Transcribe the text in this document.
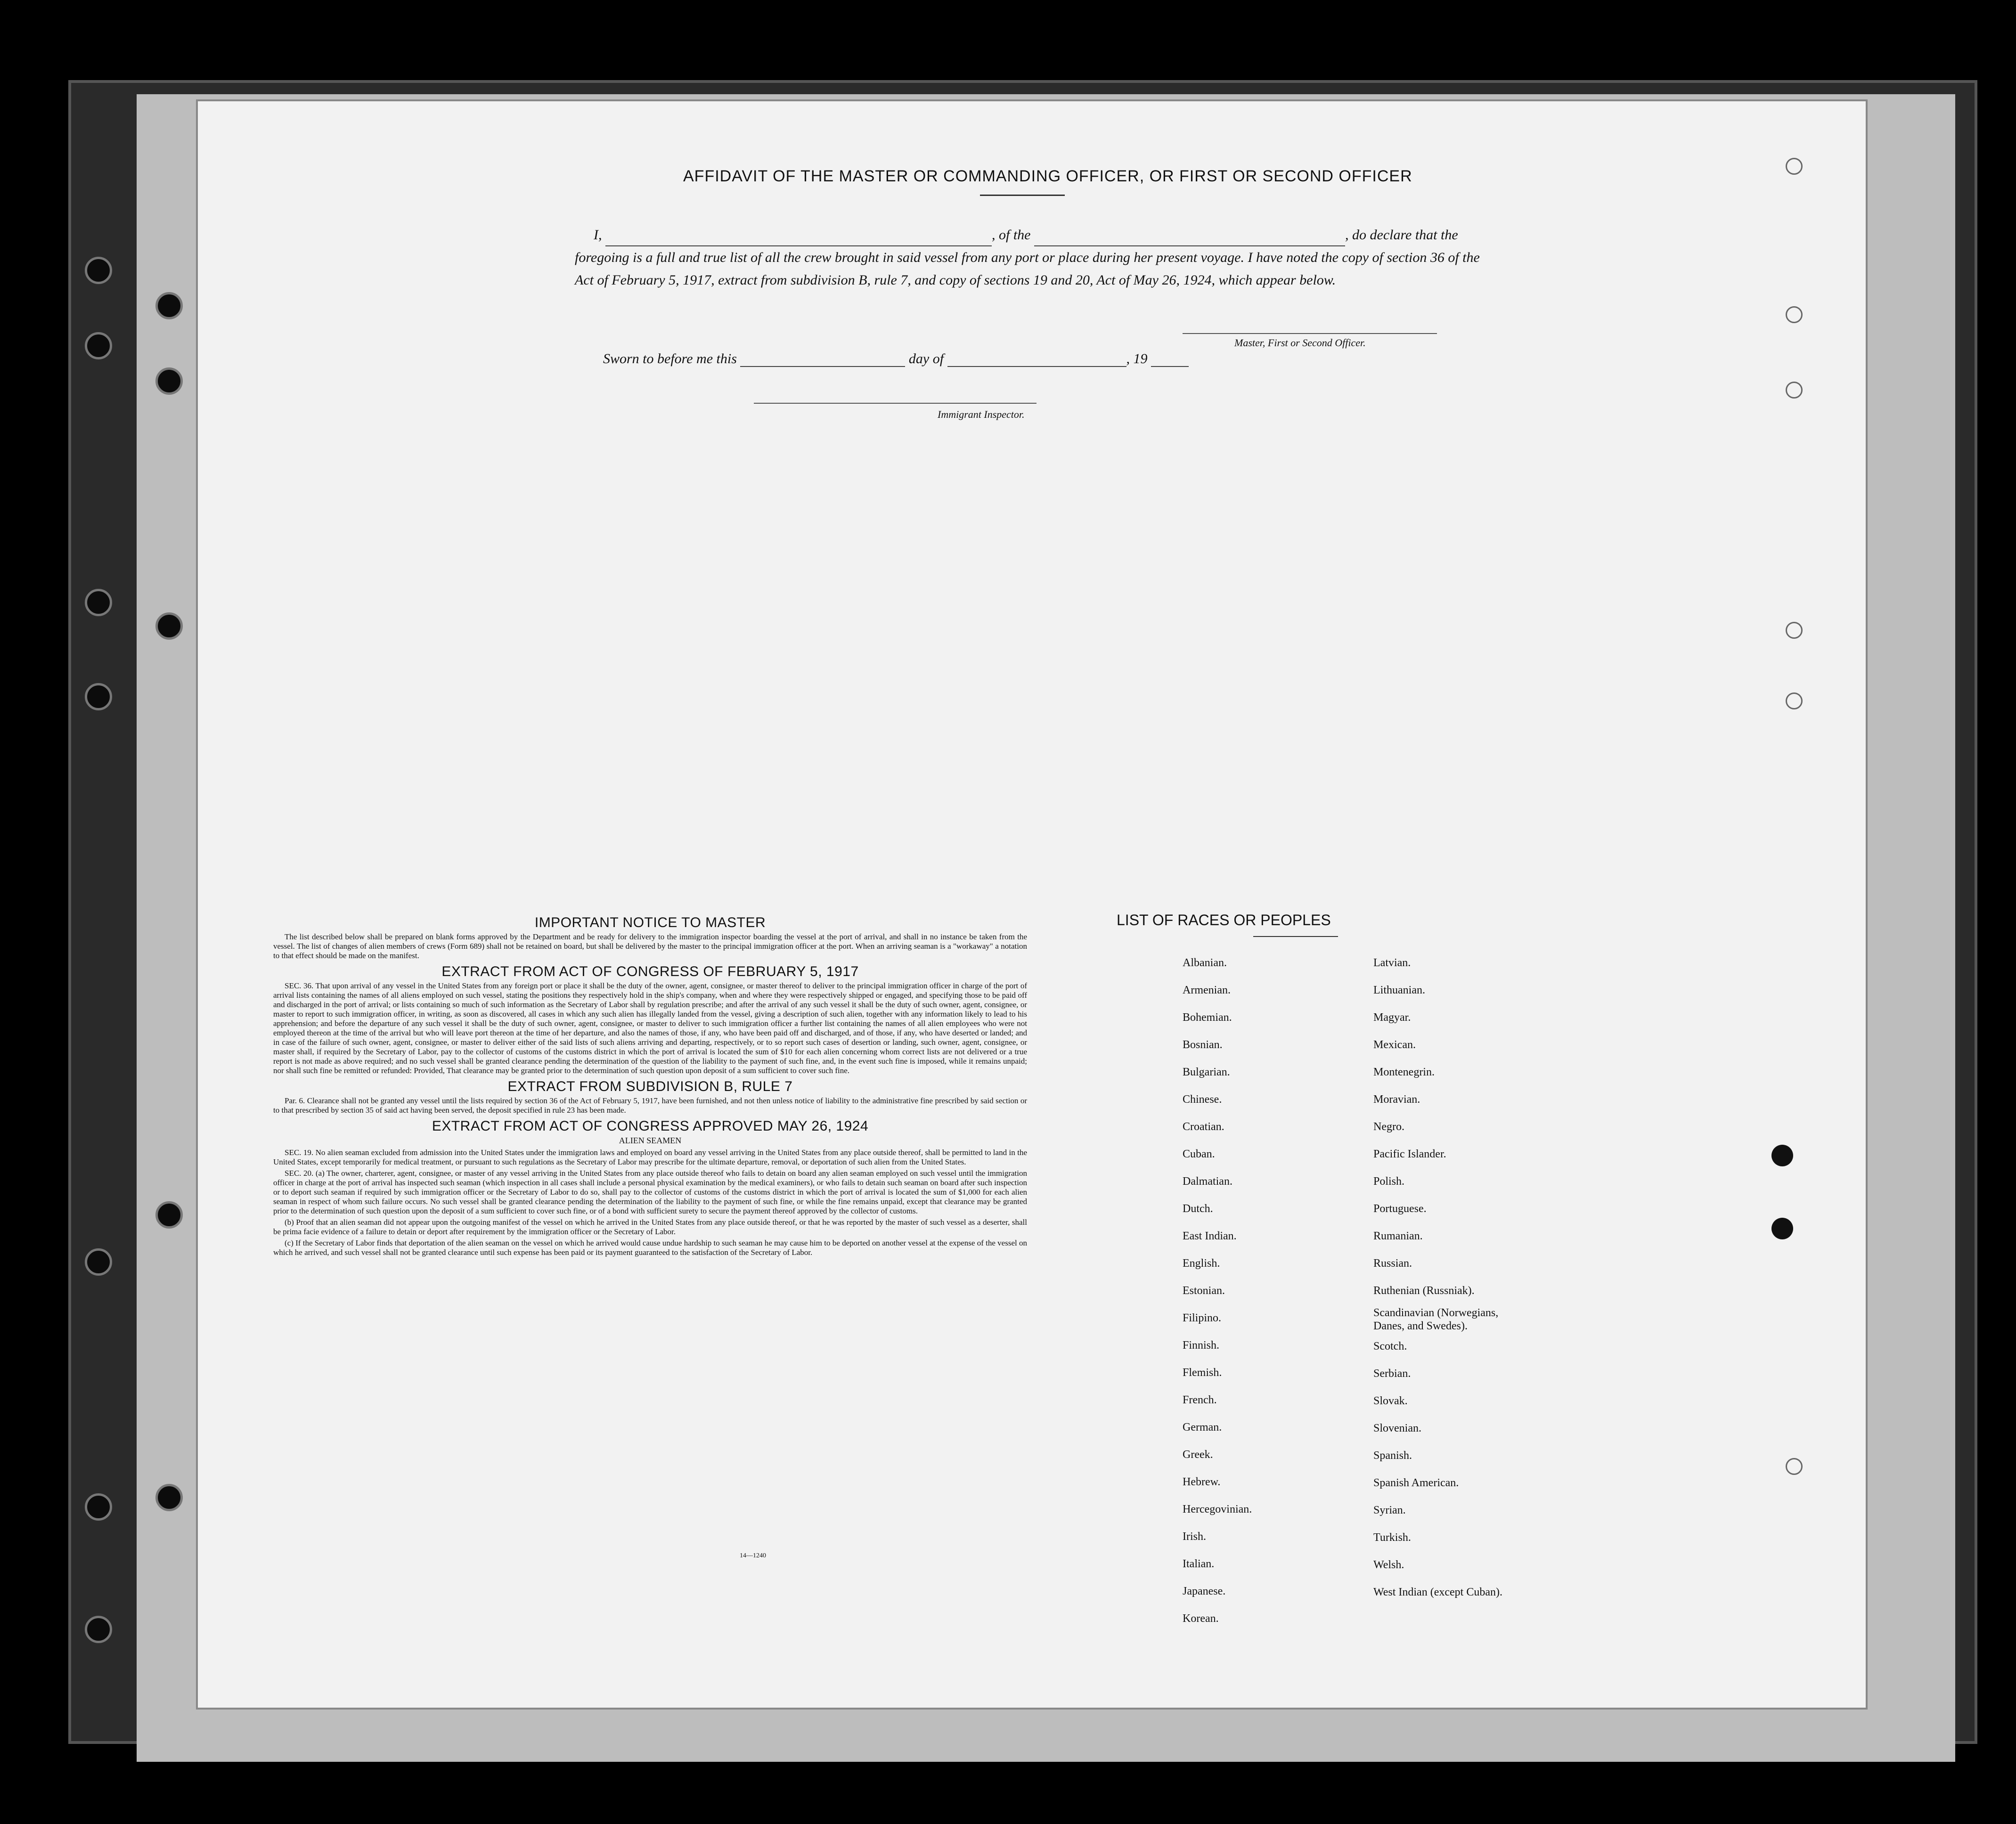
AFFIDAVIT OF THE MASTER OR COMMANDING OFFICER, OR FIRST OR SECOND OFFICER
I,	, of the	, do declare that the foregoing is a full and true list of all the crew brought in said vessel from any port or place during her present voyage. I have noted the copy of section 36 of the Act of February 5, 1917, extract from subdivision B, rule 7, and copy of sections 19 and 20, Act of May 26, 1924, which appear below.
Master, First or Second Officer.
Sworn to before me this	day of	, 19
Immigrant Inspector.
IMPORTANT NOTICE TO MASTER

The list described below shall be prepared on blank forms approved by the Department and be ready for delivery to the immigration inspector boarding the vessel at the port of arrival, and shall in no instance be taken from the vessel. The list of changes of alien members of crews (Form 689) shall not be retained on board, but shall be delivered by the master to the principal immigration officer at the port. When an arriving seaman is a "workaway" a notation to that effect should be made on the manifest.

EXTRACT FROM ACT OF CONGRESS OF FEBRUARY 5, 1917

SEC. 36. That upon arrival of any vessel in the United States from any foreign port or place it shall be the duty of the owner, agent, consignee, or master thereof to deliver to the principal immigration officer in charge of the port of arrival lists containing the names of all aliens employed on such vessel, stating the positions they respectively hold in the ship's company, when and where they were respectively shipped or engaged, and specifying those to be paid off and discharged in the port of arrival; or lists containing so much of such information as the Secretary of Labor shall by regulation prescribe; and after the arrival of any such vessel it shall be the duty of such owner, agent, consignee, or master to report to such immigration officer, in writing, as soon as discovered, all cases in which any such alien has illegally landed from the vessel, giving a description of such alien, together with any information likely to lead to his apprehension; and before the departure of any such vessel it shall be the duty of such owner, agent, consignee, or master to deliver to such immigration officer a further list containing the names of all alien employees who were not employed thereon at the time of the arrival but who will leave port thereon at the time of her departure, and also the names of those, if any, who have been paid off and discharged, and of those, if any, who have deserted or landed; and in case of the failure of such owner, agent, consignee, or master to deliver either of the said lists of such aliens arriving and departing, respectively, or to so report such cases of desertion or landing, such owner, agent, consignee, or master shall, if required by the Secretary of Labor, pay to the collector of customs of the customs district in which the port of arrival is located the sum of $10 for each alien concerning whom correct lists are not delivered or a true report is not made as above required; and no such vessel shall be granted clearance pending the determination of the question of the liability to the payment of such fine, and, in the event such fine is imposed, while it remains unpaid; nor shall such fine be remitted or refunded: Provided, That clearance may be granted prior to the determination of such question upon deposit of a sum sufficient to cover such fine.

EXTRACT FROM SUBDIVISION B, RULE 7

Par. 6. Clearance shall not be granted any vessel until the lists required by section 36 of the Act of February 5, 1917, have been furnished, and not then unless notice of liability to the administrative fine prescribed by said section or to that prescribed by section 35 of said act having been served, the deposit specified in rule 23 has been made.

EXTRACT FROM ACT OF CONGRESS APPROVED MAY 26, 1924
ALIEN SEAMEN

SEC. 19. No alien seaman excluded from admission into the United States under the immigration laws and employed on board any vessel arriving in the United States from any place outside thereof, shall be permitted to land in the United States, except temporarily for medical treatment, or pursuant to such regulations as the Secretary of Labor may prescribe for the ultimate departure, removal, or deportation of such alien from the United States.

SEC. 20. (a) The owner, charterer, agent, consignee, or master of any vessel arriving in the United States from any place outside thereof who fails to detain on board any alien seaman employed on such vessel until the immigration officer in charge at the port of arrival has inspected such seaman (which inspection in all cases shall include a personal physical examination by the medical examiners), or who fails to detain such seaman on board after such inspection or to deport such seaman if required by such immigration officer or the Secretary of Labor to do so, shall pay to the collector of customs of the customs district in which the port of arrival is located the sum of $1,000 for each alien seaman in respect of whom such failure occurs. No such vessel shall be granted clearance pending the determination of the liability to the payment of such fine, or while the fine remains unpaid, except that clearance may be granted prior to the determination of such question upon the deposit of a sum sufficient to cover such fine, or of a bond with sufficient surety to secure the payment thereof approved by the collector of customs.

(b) Proof that an alien seaman did not appear upon the outgoing manifest of the vessel on which he arrived in the United States from any place outside thereof, or that he was reported by the master of such vessel as a deserter, shall be prima facie evidence of a failure to detain or deport after requirement by the immigration officer or the Secretary of Labor.

(c) If the Secretary of Labor finds that deportation of the alien seaman on the vessel on which he arrived would cause undue hardship to such seaman he may cause him to be deported on another vessel at the expense of the vessel on which he arrived, and such vessel shall not be granted clearance until such expense has been paid or its payment guaranteed to the satisfaction of the Secretary of Labor.

14—1240
LIST OF RACES OR PEOPLES
Albanian.
Armenian.
Bohemian.
Bosnian.
Bulgarian.
Chinese.
Croatian.
Cuban.
Dalmatian.
Dutch.
East Indian.
English.
Estonian.
Filipino.
Finnish.
Flemish.
French.
German.
Greek.
Hebrew.
Hercegovinian.
Irish.
Italian.
Japanese.
Korean.
Latvian.
Lithuanian.
Magyar.
Mexican.
Montenegrin.
Moravian.
Negro.
Pacific Islander.
Polish.
Portuguese.
Rumanian.
Russian.
Ruthenian (Russniak).
Scandinavian (Norwegians, Danes, and Swedes).
Scotch.
Serbian.
Slovak.
Slovenian.
Spanish.
Spanish American.
Syrian.
Turkish.
Welsh.
West Indian (except Cuban).
